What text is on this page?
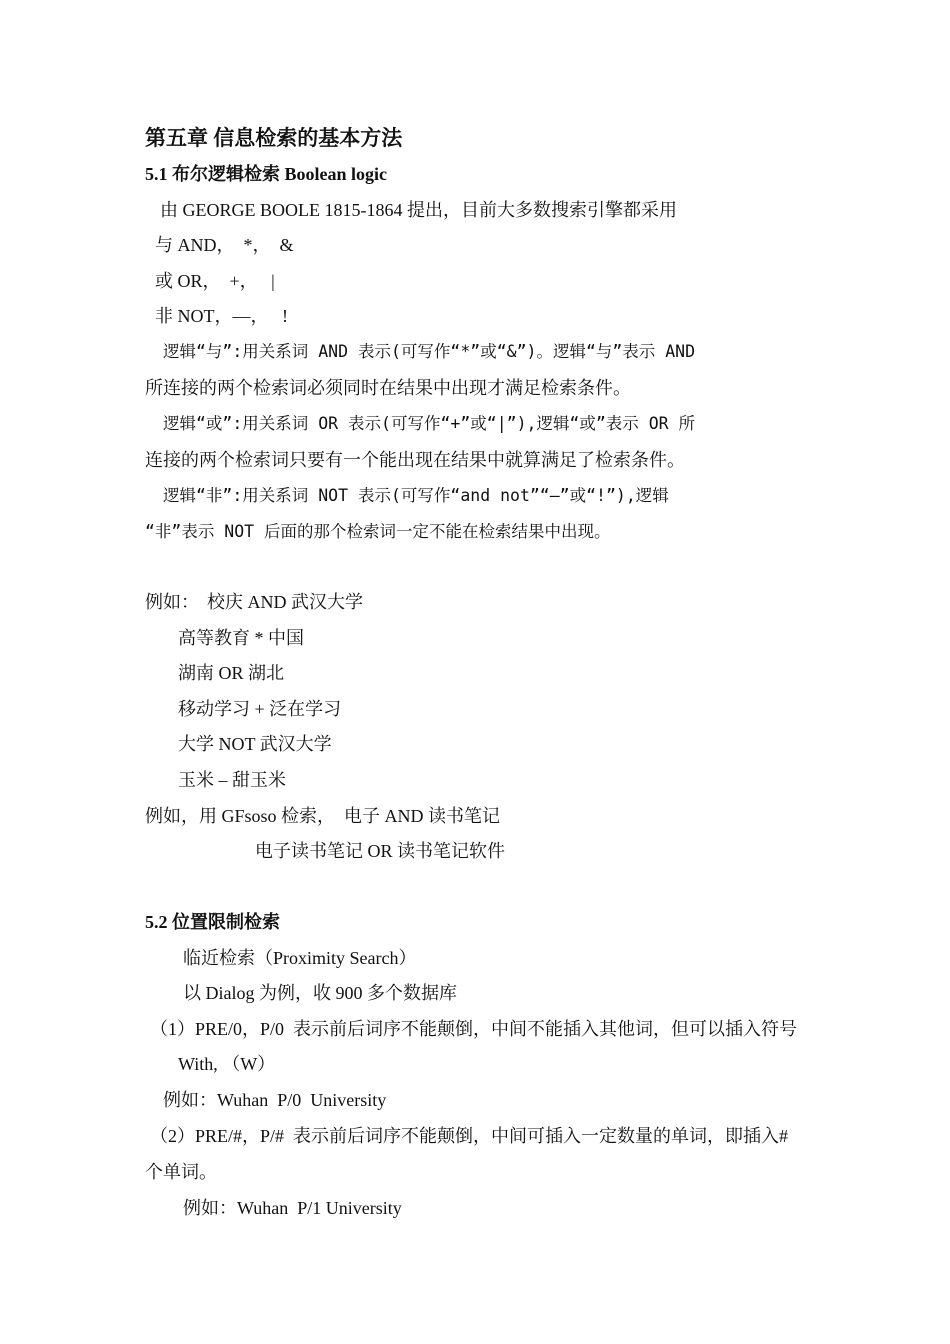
第五章 信息检索的基本方法
5.1 布尔逻辑检索 Boolean logic
由 GEORGE BOOLE 1815-1864 提出，目前大多数搜索引擎都采用
与 AND，  *，  &
或 OR，  +，   |
非 NOT，—，   !
逻辑“与”:用关系词 AND 表示(可写作“*”或“&”)。逻辑“与”表示 AND
所连接的两个检索词必须同时在结果中出现才满足检索条件。
逻辑“或”:用关系词 OR 表示(可写作“+”或“|”),逻辑“或”表示 OR 所
连接的两个检索词只要有一个能出现在结果中就算满足了检索条件。
逻辑“非”:用关系词 NOT 表示(可写作“and not”“—”或“!”),逻辑
“非”表示 NOT 后面的那个检索词一定不能在检索结果中出现。
例如： 校庆 AND 武汉大学
高等教育 * 中国
湖南 OR 湖北
移动学习 + 泛在学习
大学 NOT 武汉大学
玉米 – 甜玉米
例如，用 GFsoso 检索，  电子 AND 读书笔记
电子读书笔记 OR 读书笔记软件
5.2 位置限制检索
临近检索（Proximity Search）
以 Dialog 为例，收 900 多个数据库
（1）PRE/0，P/0  表示前后词序不能颠倒，中间不能插入其他词，但可以插入符号
With, （W）
例如：Wuhan  P/0  University
（2）PRE/#，P/#  表示前后词序不能颠倒，中间可插入一定数量的单词，即插入#
个单词。
例如：Wuhan  P/1 University
